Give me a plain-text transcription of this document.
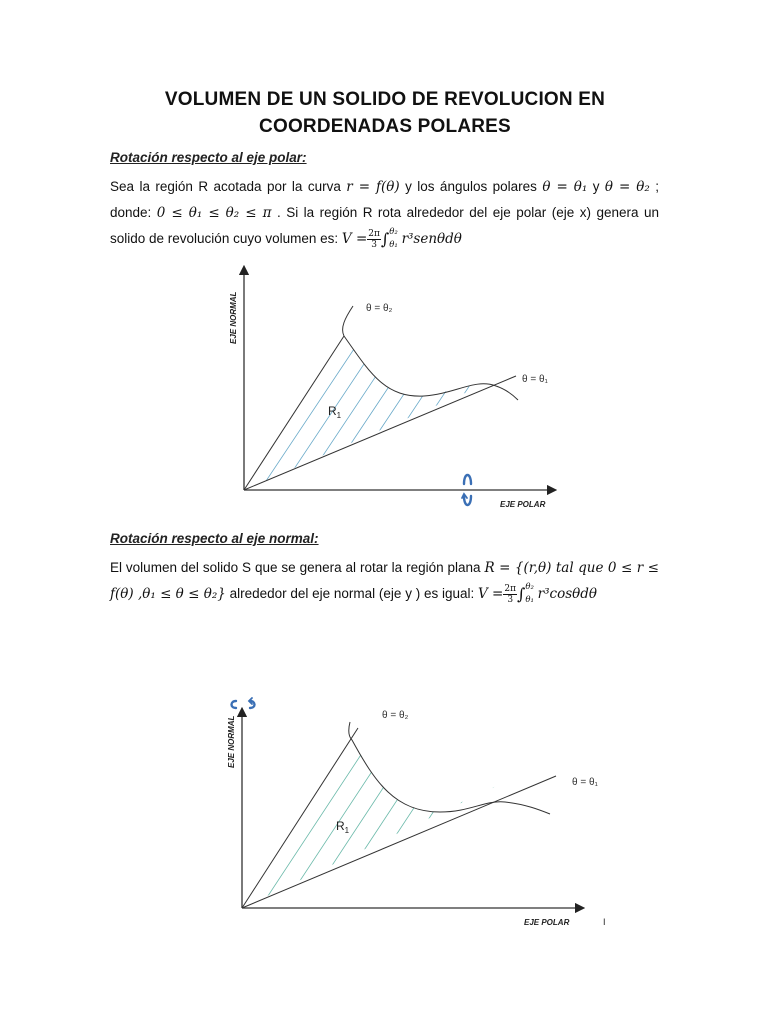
VOLUMEN DE UN SOLIDO DE REVOLUCION EN COORDENADAS POLARES
Rotación respecto al eje polar:
Sea la región R acotada por la curva r = f(θ) y los ángulos polares θ = θ₁ y θ = θ₂ ; donde: 0 ≤ θ₁ ≤ θ₂ ≤ π . Si la región R rota alrededor del eje polar (eje x) genera un solido de revolución cuyo volumen es: $V = \frac{2\pi}{3}$ ∫ θ₂
θ₁ r³senθdθ
EJE NORMAL
EJE POLAR
θ = θ₂
θ = θ₁
$R_1$
Rotación respecto al eje normal:
El volumen del solido S que se genera al rotar la región plana R = {(r,θ) tal que 0 ≤ r ≤ f(θ) ,θ₁ ≤ θ ≤ θ₂} alrededor del eje normal (eje y ) es igual: $V = \frac{2\pi}{3}$ ∫ θ₂
θ₁ r³cosθdθ
EJE NORMAL
EJE POLAR	I
θ = θ₂
θ = θ₁
$R_1$
